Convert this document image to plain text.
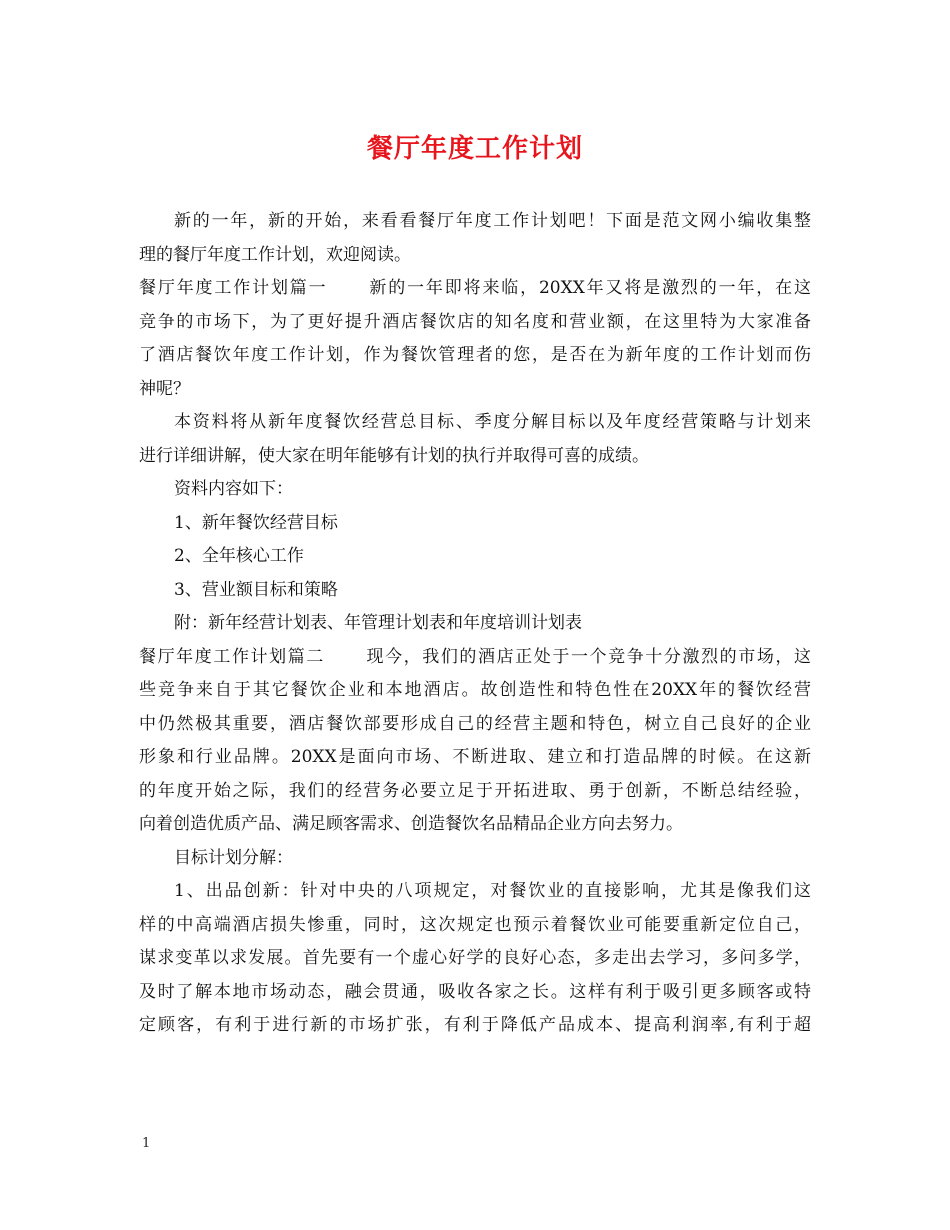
餐厅年度工作计划
新的一年，新的开始，来看看餐厅年度工作计划吧！下面是范文网小编收集整
理的餐厅年度工作计划，欢迎阅读。
餐厅年度工作计划篇一 新的一年即将来临，20XX年又将是激烈的一年，在这
竞争的市场下，为了更好提升酒店餐饮店的知名度和营业额，在这里特为大家准备
了酒店餐饮年度工作计划，作为餐饮管理者的您，是否在为新年度的工作计划而伤
神呢？
本资料将从新年度餐饮经营总目标、季度分解目标以及年度经营策略与计划来
进行详细讲解，使大家在明年能够有计划的执行并取得可喜的成绩。
资料内容如下：
1、新年餐饮经营目标
2、全年核心工作
3、营业额目标和策略
附：新年经营计划表、年管理计划表和年度培训计划表
餐厅年度工作计划篇二 现今，我们的酒店正处于一个竞争十分激烈的市场，这
些竞争来自于其它餐饮企业和本地酒店。故创造性和特色性在20XX年的餐饮经营
中仍然极其重要，酒店餐饮部要形成自己的经营主题和特色，树立自己良好的企业
形象和行业品牌。20XX是面向市场、不断进取、建立和打造品牌的时候。在这新
的年度开始之际，我们的经营务必要立足于开拓进取、勇于创新，不断总结经验，
向着创造优质产品、满足顾客需求、创造餐饮名品精品企业方向去努力。
目标计划分解：
1、出品创新：针对中央的八项规定，对餐饮业的直接影响，尤其是像我们这
样的中高端酒店损失惨重，同时，这次规定也预示着餐饮业可能要重新定位自己，
谋求变革以求发展。首先要有一个虚心好学的良好心态，多走出去学习，多问多学，
及时了解本地市场动态，融会贯通，吸收各家之长。这样有利于吸引更多顾客或特
定顾客，有利于进行新的市场扩张，有利于降低产品成本、提高利润率,有利于超
1
